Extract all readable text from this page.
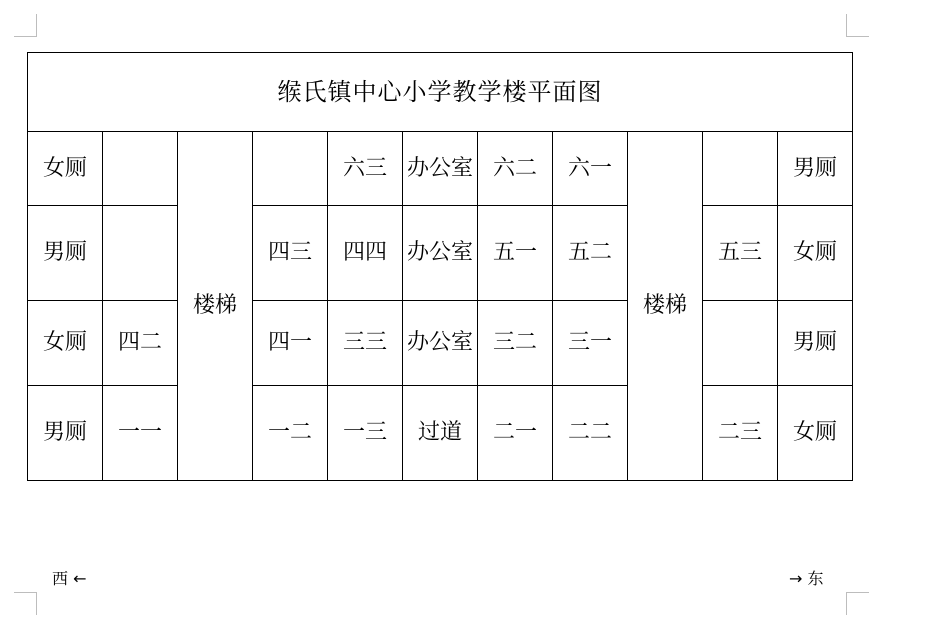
缑氏镇中心小学教学楼平面图										
女厕		楼梯		六三	办公室	六二	六一	楼梯		男厕
男厕			四三	四四	办公室	五一	五二		五三	女厕
女厕	四二		四一	三三	办公室	三二	三一			男厕
男厕	一一		一二	一三	过道	二一	二二		二三	女厕
西 ←	→ 东
